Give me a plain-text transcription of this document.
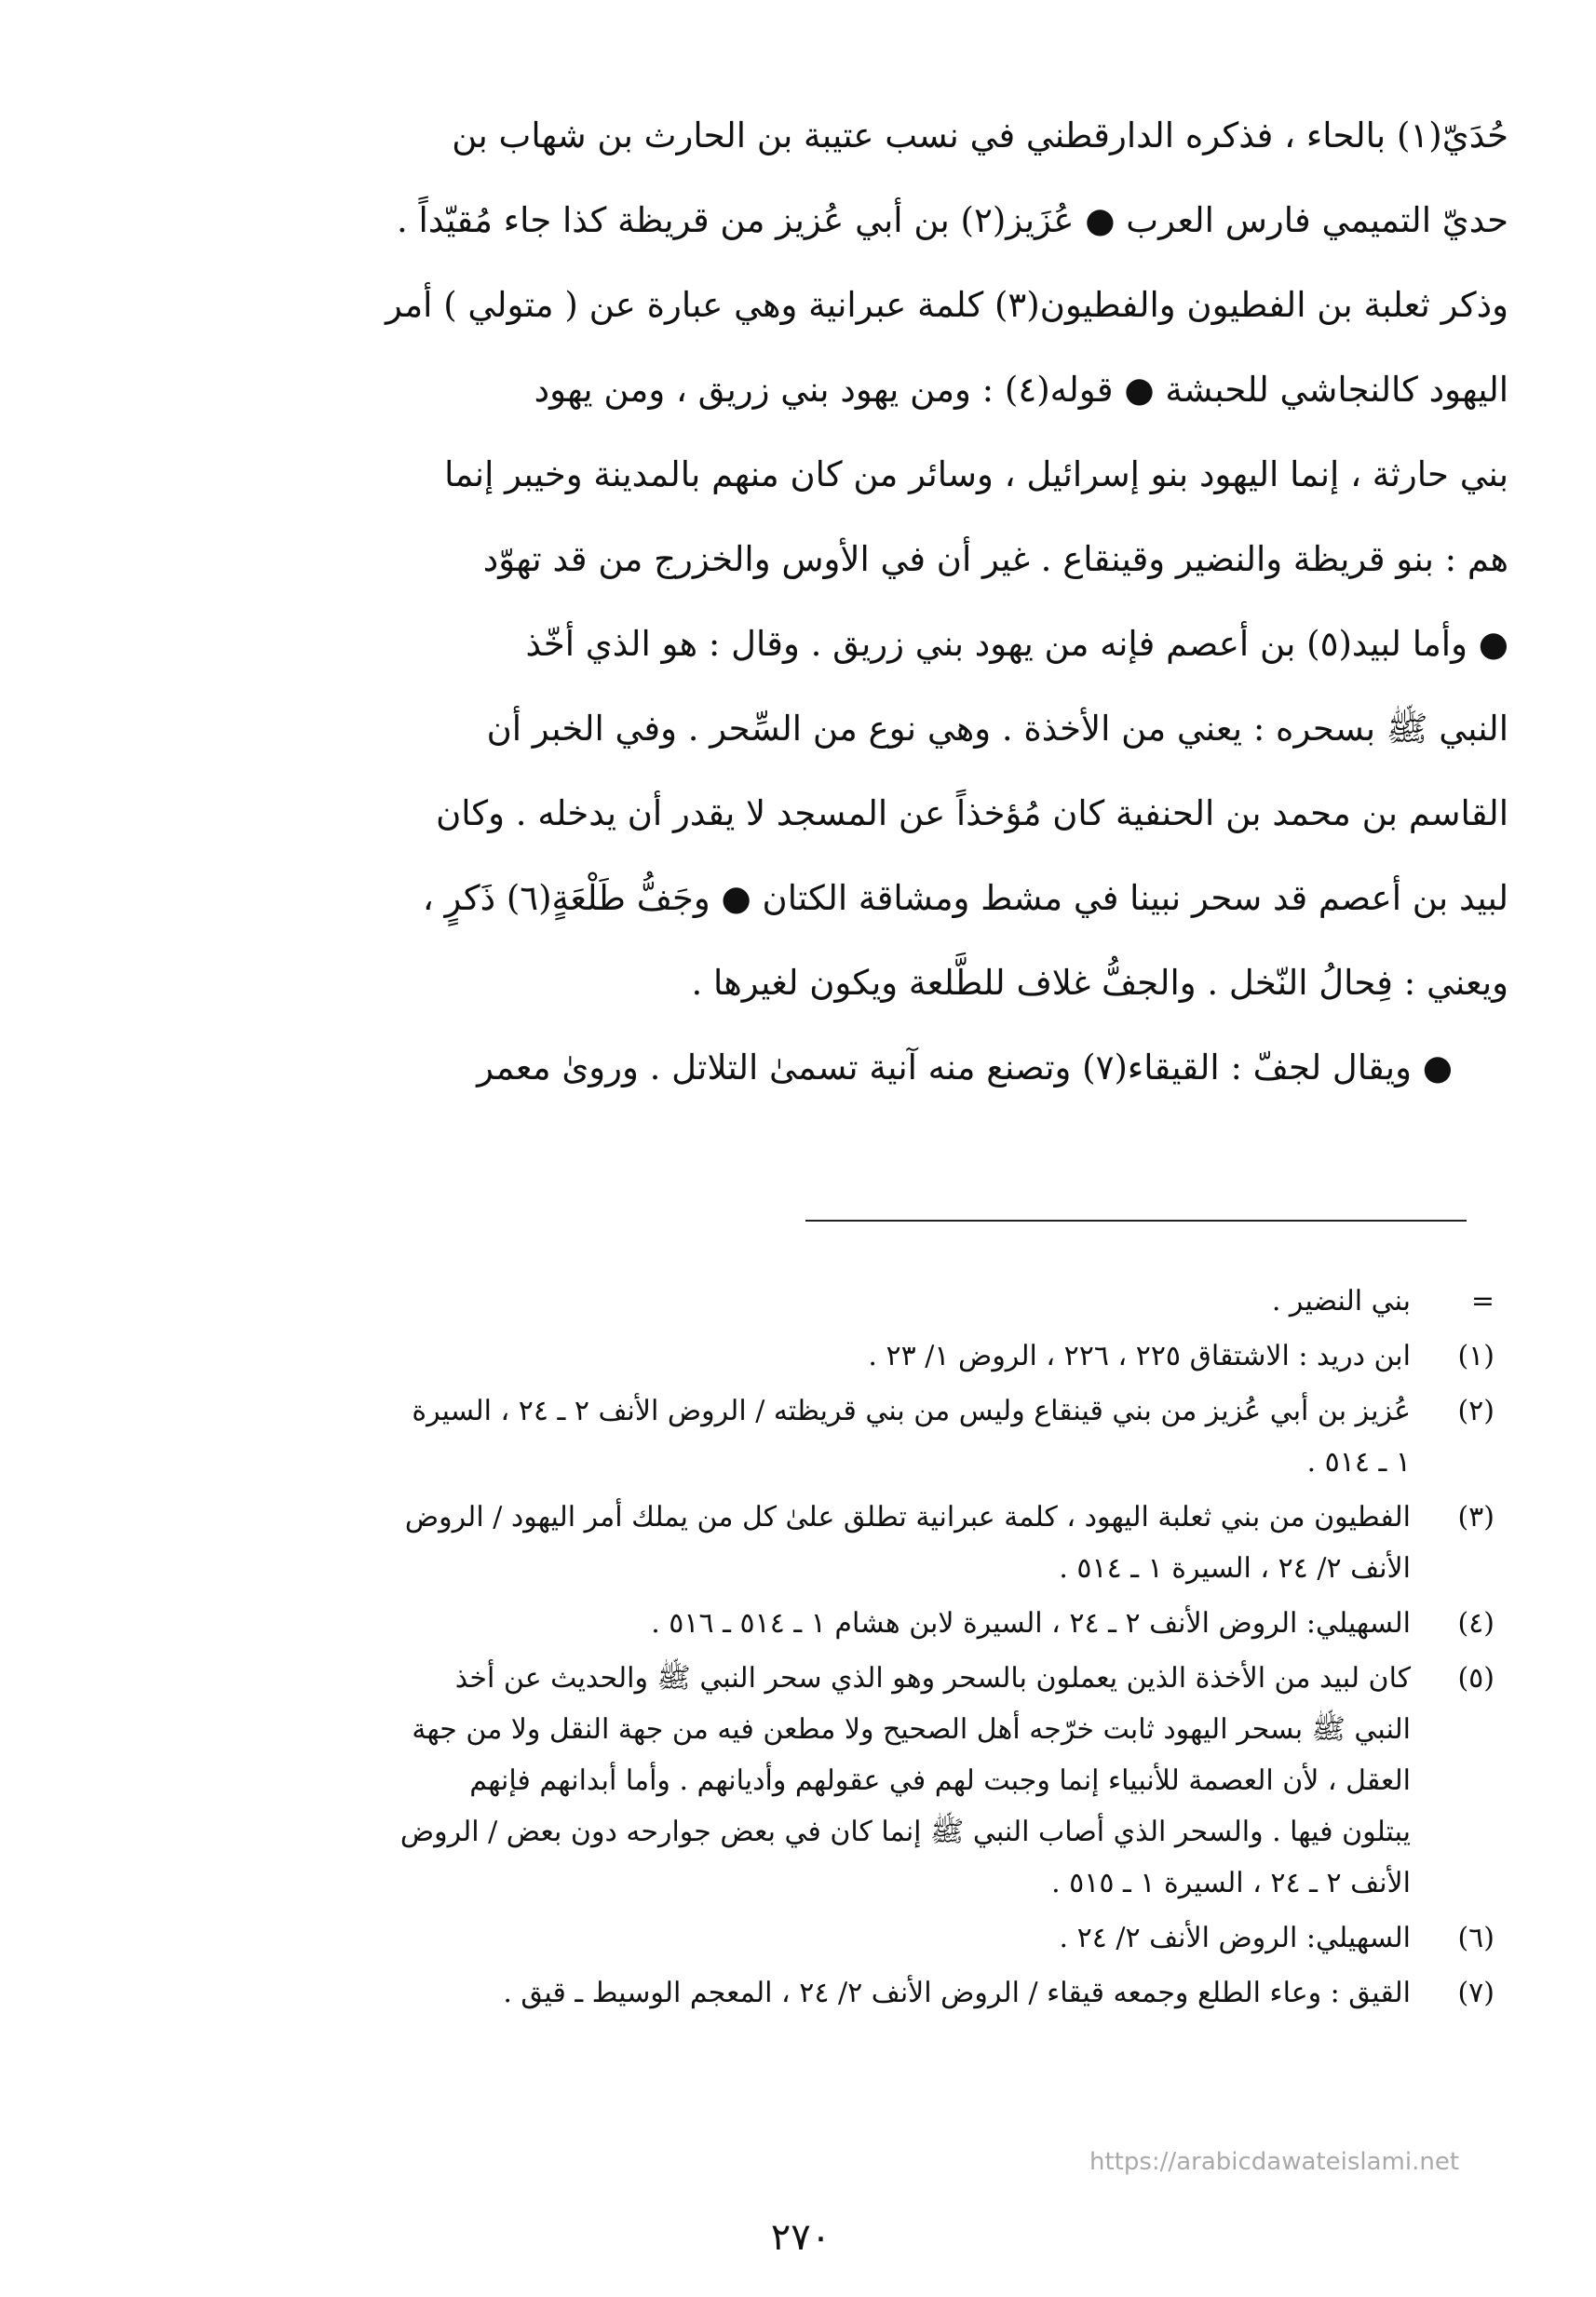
حُدَيّ(١) بالحاء ، فذكره الدارقطني في نسب عتيبة بن الحارث بن شهاب بن
حديّ التميمي فارس العرب ● عُزَيز(٢) بن أبي عُزيز من قريظة كذا جاء مُقيّداً .
وذكر ثعلبة بن الفطيون والفطيون(٣) كلمة عبرانية وهي عبارة عن ( متولي ) أمر
اليهود كالنجاشي للحبشة ● قوله(٤) : ومن يهود بني زريق ، ومن يهود
بني حارثة ، إنما اليهود بنو إسرائيل ، وسائر من كان منهم بالمدينة وخيبر إنما
هم : بنو قريظة والنضير وقينقاع . غير أن في الأوس والخزرج من قد تهوّد
● وأما لبيد(٥) بن أعصم فإنه من يهود بني زريق . وقال : هو الذي أخّذ
النبي ﷺ بسحره : يعني من الأخذة . وهي نوع من السِّحر . وفي الخبر أن
القاسم بن محمد بن الحنفية كان مُؤخذاً عن المسجد لا يقدر أن يدخله . وكان
لبيد بن أعصم قد سحر نبينا في مشط ومشاقة الكتان ● وجَفُّ طَلْعَةٍ(٦) ذَكرٍ ،
ويعني : فِحالُ النّخل . والجفُّ غلاف للطَّلعة ويكون لغيرها .
● ويقال لجفّ : القيقاء(٧) وتصنع منه آنية تسمىٰ التلاتل . وروىٰ معمر
=
بني النضير .
(١)
ابن دريد : الاشتقاق ٢٢٥ ، ٢٢٦ ، الروض ١/ ٢٣ .
(٢)
عُزيز بن أبي عُزيز من بني قينقاع وليس من بني قريظته / الروض الأنف ٢ ـ ٢٤ ، السيرة
١ ـ ٥١٤ .
(٣)
الفطيون من بني ثعلبة اليهود ، كلمة عبرانية تطلق علىٰ كل من يملك أمر اليهود / الروض
الأنف ٢/ ٢٤ ، السيرة ١ ـ ٥١٤ .
(٤)
السهيلي: الروض الأنف ٢ ـ ٢٤ ، السيرة لابن هشام ١ ـ ٥١٤ ـ ٥١٦ .
(٥)
كان لبيد من الأخذة الذين يعملون بالسحر وهو الذي سحر النبي ﷺ والحديث عن أخذ
النبي ﷺ بسحر اليهود ثابت خرّجه أهل الصحيح ولا مطعن فيه من جهة النقل ولا من جهة
العقل ، لأن العصمة للأنبياء إنما وجبت لهم في عقولهم وأديانهم . وأما أبدانهم فإنهم
يبتلون فيها . والسحر الذي أصاب النبي ﷺ إنما كان في بعض جوارحه دون بعض / الروض
الأنف ٢ ـ ٢٤ ، السيرة ١ ـ ٥١٥ .
(٦)
السهيلي: الروض الأنف ٢/ ٢٤ .
(٧)
القيق : وعاء الطلع وجمعه قيقاء / الروض الأنف ٢/ ٢٤ ، المعجم الوسيط ـ قيق .
https://arabicdawateislami.net
٢٧٠
